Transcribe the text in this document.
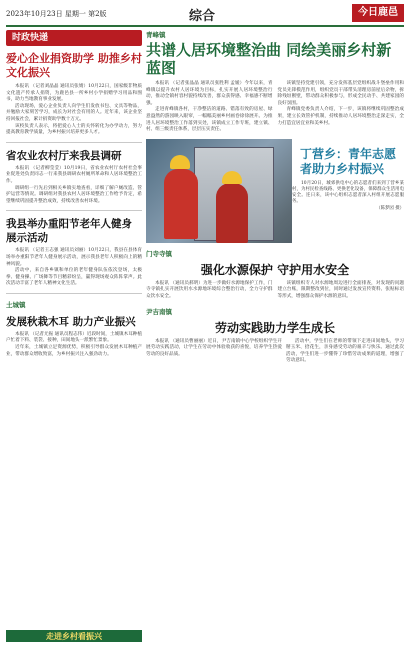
2023年10月23日 星期一 第2版	综合	今日鹿邑
时政快递
爱心企业捐资助学 助推乡村文化振兴

本报讯 （记者刘晶晶 通讯员张婧）10月22日，国家级非物质文化遗产传承人捐资，为鹿邑县一所乡村小学捐赠学习用品和图书，助力当地教育事业发展。

活动现场，爱心企业负责人向学生们发放书包、文具等物品，并勉励大家刻苦学习，成长为对社会有用的人。近年来，该企业坚持回报社会，累计捐资助学数十万元。

该校负责人表示，将把爱心人士的关怀转化为办学动力，努力提高教育教学质量，为乡村振兴培养更多人才。

省农业农村厅来我县调研

本报讯 （记者柳莹莹）10月19日，省农业农村厅农村社会事业促进处负责同志一行来我县调研农村厕所革命和人居环境整治工作。

调研组一行先后到相关乡镇实地查看，详细了解户厕改造、管护运营等情况。调研组对我县农村人居环境整治工作给予肯定，希望继续巩固提升整治成效，持续改善农村环境。

我县举办重阳节老年人健身展示活动

本报讯 （记者王志强 通讯员刘丽）10月22日，我县在县体育场举办重阳节老年人健身展示活动，展示我县老年人积极向上的精神风貌。

活动中，来自各乡镇和单位的老年健身队伍依次登场，太极拳、健身操、广场舞等节目精彩纷呈，赢得现场观众阵阵掌声。此次活动丰富了老年人精神文化生活。

土城镇
发展秋栽木耳 助力产业振兴

本报讯 （记者尤振 通讯员程志伟）近段时间，土城镇木耳种植户忙着下料、装袋、接种，田间地头一派繁忙景象。

近年来，土城镇立足资源优势，积极引导群众发展木耳种植产业，带动群众增收致富，为乡村振兴注入强劲动力。

走进乡村看振兴
青峰镇
共谱人居环境整治曲 同绘美丽乡村新蓝图

本报讯 （记者张晶晶 通讯员张胜利 孟媛）今年以来，青峰镇以提升农村人居环境为目标，扎实开展人居环境整治行动，推动全镇村容村貌持续改善，群众获得感、幸福感不断增强。

走进青峰镇各村，干净整洁的道路、错落有致的房屋、绿意盎然的游园映入眼帘，一幅幅美丽乡村画卷徐徐展开。为推进人居环境整治工作落到实处，该镇成立工作专班，建立镇、村、组三级责任体系，层层压实责任。

该镇坚持党建引领，充分发挥基层党组织战斗堡垒作用和党员先锋模范作用，组织党员干部带头清理房前屋后杂物，拆除残垣断壁，带动群众积极参与，形成全民动手、共建家园的良好氛围。

青峰镇党委负责人介绍，下一步，该镇将继续巩固整治成果，建立长效管护机制，持续推动人居环境整治走深走实，全力打造宜居宜业和美乡村。

丁营乡：青年志愿者助力乡村振兴

10月20日，城郊供电中心的志愿者们来到丁营乡某村，为村民检查线路、更换老化设备，保障群众生活用电安全。连日来，该中心组织志愿者深入村组开展志愿服务。

（陈梦园 摄）

门寺寺镇
强化水源保护 守护用水安全

本报讯 （通讯员郝明）为进一步做好水源地保护工作，门寺寺镇扎实开展饮用水水源地环境综合整治行动，全力守护群众饮水安全。

该镇组织专人对水源地周边进行全面排查，对发现的问题建立台账，限期整改到位，同时通过发放宣传资料、张贴标语等形式，增强群众保护水源的意识。

尹吉南镇
劳动实践助力学生成长

本报讯 （通讯员曹丽丽）近日，尹吉南镇中心学校组织学生开展劳动实践活动，让学生在劳动中体验收获的喜悦，培养学生热爱劳动的良好品质。

活动中，学生们在老师的带领下走进田间地头，学习掰玉米、拾花生，亲身感受劳动的艰辛与快乐。通过此次活动，学生们进一步懂得了珍惜劳动成果的道理，增强了劳动意识。
